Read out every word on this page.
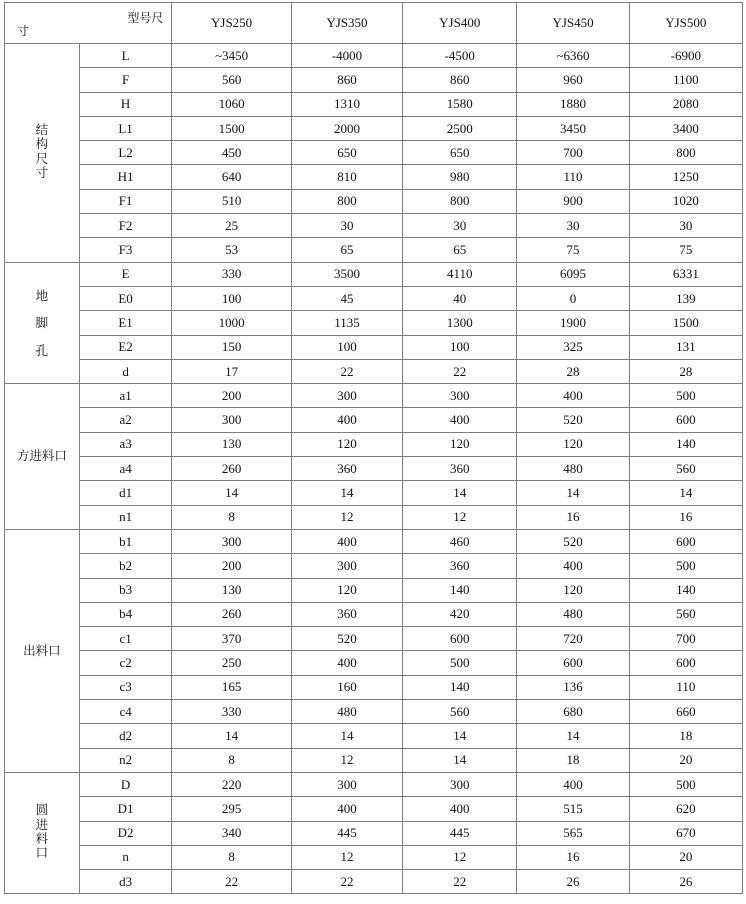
型号尺
寸		YJS250	YJS350	YJS400	YJS450	YJS500
结构尺寸	L	~3450	-4000	-4500	~6360	-6900
	F	560	860	860	960	1100
	H	1060	1310	1580	1880	2080
	L1	1500	2000	2500	3450	3400
	L2	450	650	650	700	800
	H1	640	810	980	110	1250
	F1	510	800	800	900	1020
	F2	25	30	30	30	30
	F3	53	65	65	75	75
地脚孔	E	330	3500	4110	6095	6331
	E0	100	45	40	0	139
	E1	1000	1135	1300	1900	1500
	E2	150	100	100	325	131
	d	17	22	22	28	28
方进料口	a1	200	300	300	400	500
	a2	300	400	400	520	600
	a3	130	120	120	120	140
	a4	260	360	360	480	560
	d1	14	14	14	14	14
	n1	8	12	12	16	16
出料口	b1	300	400	460	520	600
	b2	200	300	360	400	500
	b3	130	120	140	120	140
	b4	260	360	420	480	560
	c1	370	520	600	720	700
	c2	250	400	500	600	600
	c3	165	160	140	136	110
	c4	330	480	560	680	660
	d2	14	14	14	14	18
	n2	8	12	14	18	20
圆进料口	D	220	300	300	400	500
	D1	295	400	400	515	620
	D2	340	445	445	565	670
	n	8	12	12	16	20
	d3	22	22	22	26	26
